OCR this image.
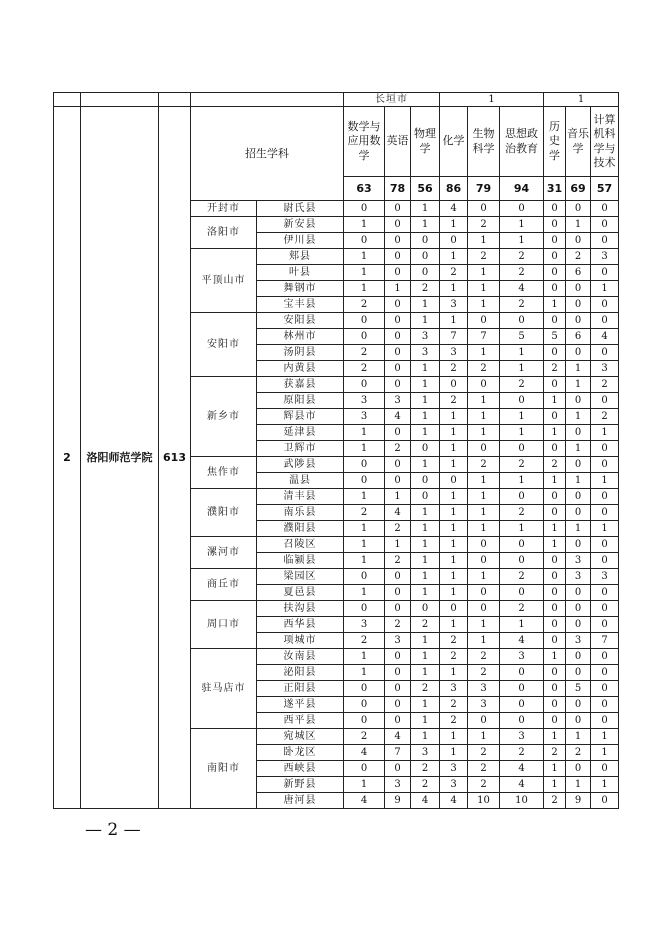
					长垣市			1			1		
2	洛阳师范学院	613	招生学科		数学与应用数学	英语	物理学	化学	生物科学	思想政治教育	历史学	音乐学	计算机科学与技术
					63	78	56	86	79	94	31	69	57
			开封市	尉氏县	0	0	1	4	0	0	0	0	0
			洛阳市	新安县	1	0	1	1	2	1	0	1	0
				伊川县	0	0	0	0	1	1	0	0	0
			平顶山市	郏县	1	0	0	1	2	2	0	2	3
				叶县	1	0	0	2	1	2	0	6	0
				舞钢市	1	1	2	1	1	4	0	0	1
				宝丰县	2	0	1	3	1	2	1	0	0
			安阳市	安阳县	0	0	1	1	0	0	0	0	0
				林州市	0	0	3	7	7	5	5	6	4
				汤阴县	2	0	3	3	1	1	0	0	0
				内黄县	2	0	1	2	2	1	2	1	3
			新乡市	获嘉县	0	0	1	0	0	2	0	1	2
				原阳县	3	3	1	2	1	0	1	0	0
				辉县市	3	4	1	1	1	1	0	1	2
				延津县	1	0	1	1	1	1	1	0	1
				卫辉市	1	2	0	1	0	0	0	1	0
			焦作市	武陟县	0	0	1	1	2	2	2	0	0
				温县	0	0	0	0	1	1	1	1	1
			濮阳市	清丰县	1	1	0	1	1	0	0	0	0
				南乐县	2	4	1	1	1	2	0	0	0
				濮阳县	1	2	1	1	1	1	1	1	1
			漯河市	召陵区	1	1	1	1	0	0	1	0	0
				临颍县	1	2	1	1	0	0	0	3	0
			商丘市	梁园区	0	0	1	1	1	2	0	3	3
				夏邑县	1	0	1	1	0	0	0	0	0
			周口市	扶沟县	0	0	0	0	0	2	0	0	0
				西华县	3	2	2	1	1	1	0	0	0
				项城市	2	3	1	2	1	4	0	3	7
			驻马店市	汝南县	1	0	1	2	2	3	1	0	0
				泌阳县	1	0	1	1	2	0	0	0	0
				正阳县	0	0	2	3	3	0	0	5	0
				遂平县	0	0	1	2	3	0	0	0	0
				西平县	0	0	1	2	0	0	0	0	0
			南阳市	宛城区	2	4	1	1	1	3	1	1	1
				卧龙区	4	7	3	1	2	2	2	2	1
				西峡县	0	0	2	3	2	4	1	0	0
				新野县	1	3	2	3	2	4	1	1	1
				唐河县	4	9	4	4	10	10	2	9	0
— 2 —
